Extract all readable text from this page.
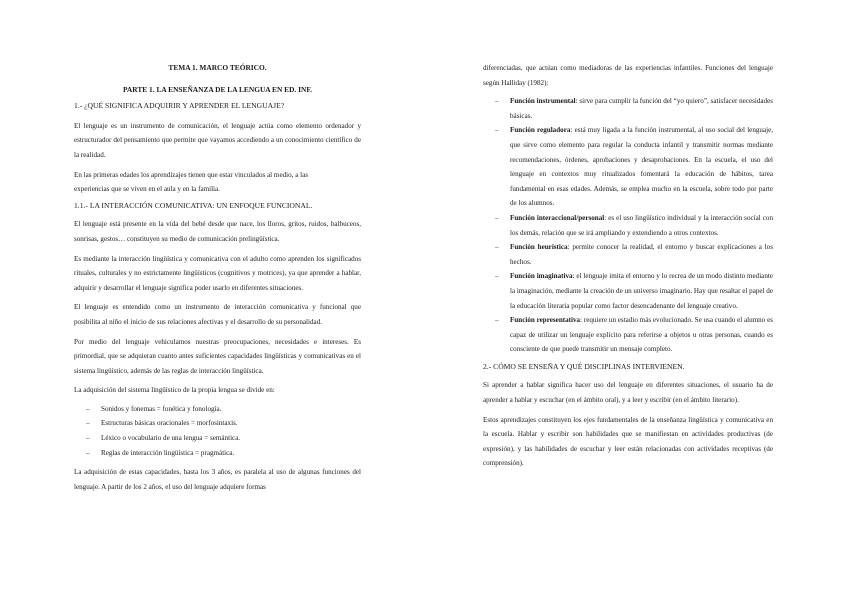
TEMA 1. MARCO TEÓRICO.
PARTE 1. LA ENSEÑANZA DE LA LENGUA EN ED. INF.
1.- ¿QUÉ SIGNIFICA ADQUIRIR Y APRENDER EL LENGUAJE?

El lenguaje es un instrumento de comunicación, el lenguaje actúa como elemento ordenador y estructurador del pensamiento que permite que vayamos accediendo a un conocimiento científico de la realidad.

En las primeras edades los aprendizajes tienen que estar vinculados al medio, a las experiencias que se viven en el aula y en la familia.

1.1.- LA INTERACCIÓN COMUNICATIVA: UN ENFOQUE FUNCIONAL.

El lenguaje está presente en la vida del bebé desde que nace, los lloros, gritos, ruidos, balbuceos, sonrisas, gestos… constituyen su medio de comunicación prelingüística.

Es mediante la interacción lingüística y comunicativa con el adulto como aprenden los significados rituales, culturales y no estrictamente lingüísticos (cognitivos y motrices), ya que aprender a hablar, adquirir y desarrollar el lenguaje significa poder usarlo en diferentes situaciones.

El lenguaje es entendido como un instrumento de interacción comunicativa y funcional que posibilita al niño el inicio de sus relaciones afectivas y el desarrollo de su personalidad.

Por medio del lenguaje vehiculamos nuestras preocupaciones, necesidades e intereses. Es primordial, que se adquieran cuanto antes suficientes capacidades lingüísticas y comunicativas en el sistema lingüístico, además de las reglas de interacción lingüística.

La adquisición del sistema lingüístico de la propia lengua se divide en:

– Sonidos y fonemas = fonética y fonología.
– Estructuras básicas oracionales = morfosintaxis.
– Léxico o vocabulario de una lengua = semántica.
– Reglas de interacción lingüística = pragmática.

La adquisición de estas capacidades, hasta los 3 años, es paralela al uso de algunas funciones del lenguaje. A partir de los 2 años, el uso del lenguaje adquiere formas

diferenciadas, que actúan como mediadoras de las experiencias infantiles. Funciones del lenguaje según Halliday (1982):

– Función instrumental: sirve para cumplir la función del “yo quiero”, satisfacer necesidades básicas.
– Función reguladora: está muy ligada a la función instrumental, al uso social del lenguaje, que sirve como elemento para regular la conducta infantil y transmitir normas mediante recomendaciones, órdenes, aprobaciones y desaprobaciones. En la escuela, el uso del lenguaje en contextos muy ritualizados fomentará la educación de hábitos, tarea fundamental en esas edades. Además, se emplea mucho en la escuela, sobre todo por parte de los alumnos.
– Función interaccional/personal: es el uso lingüístico individual y la interacción social con los demás, relación que se irá ampliando y extendiendo a otros contextos.
– Función heurística: permite conocer la realidad, el entorno y buscar explicaciones a los hechos.
– Función imaginativa: el lenguaje imita el entorno y lo recrea de un modo distinto mediante la imaginación, mediante la creación de un universo imaginario. Hay que resaltar el papel de la educación literaria popular como factor desencadenante del lenguaje creativo.
– Función representativa: requiere un estadio más evolucionado. Se usa cuando el alumno es capaz de utilizar un lenguaje explícito para referirse a objetos u otras personas, cuando es consciente de que puede transmitir un mensaje completo.
2.- CÓMO SE ENSEÑA Y QUÉ DISCIPLINAS INTERVIENEN.

Si aprender a hablar significa hacer uso del lenguaje en diferentes situaciones, el usuario ha de aprender a hablar y escuchar (en el ámbito oral), y a leer y escribir (en el ámbito literario).

Estos aprendizajes constituyen los ejes fundamentales de la enseñanza lingüística y comunicativa en la escuela. Hablar y escribir son habilidades que se manifiestan en actividades productivas (de expresión), y las habilidades de escuchar y leer están relacionadas con actividades receptivas (de comprensión).
